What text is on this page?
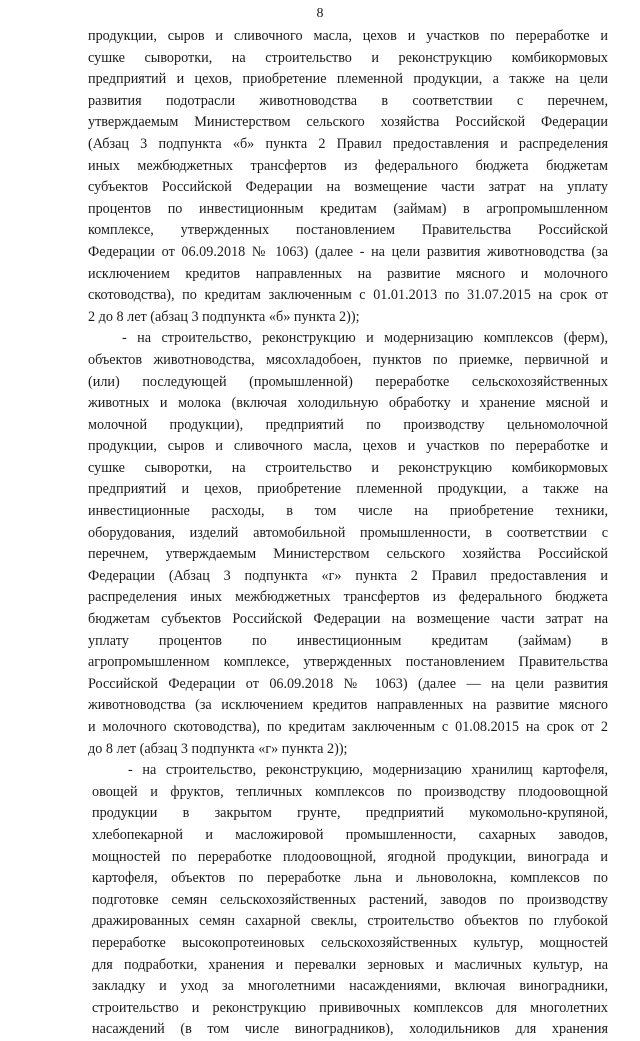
8
продукции, сыров и сливочного масла, цехов и участков по переработке и
сушке сыворотки, на строительство и реконструкцию комбикормовых
предприятий и цехов, приобретение племенной продукции, а также на цели
развития подотрасли животноводства в соответствии с перечнем,
утверждаемым Министерством сельского хозяйства Российской Федерации
(Абзац 3 подпункта «б» пункта 2 Правил предоставления и распределения
иных межбюджетных трансфертов из федерального бюджета бюджетам
субъектов Российской Федерации на возмещение части затрат на уплату
процентов по инвестиционным кредитам (займам) в агропромышленном
комплексе, утвержденных постановлением Правительства Российской
Федерации от 06.09.2018 № 1063) (далее - на цели развития животноводства (за
исключением кредитов направленных на развитие мясного и молочного
скотоводства), по кредитам заключенным с 01.01.2013 по 31.07.2015 на срок от
2 до 8 лет (абзац 3 подпункта «б» пункта 2));
- на строительство, реконструкцию и модернизацию комплексов (ферм),
объектов животноводства, мясохладобоен, пунктов по приемке, первичной и
(или) последующей (промышленной) переработке сельскохозяйственных
животных и молока (включая холодильную обработку и хранение мясной и
молочной продукции), предприятий по производству цельномолочной
продукции, сыров и сливочного масла, цехов и участков по переработке и
сушке сыворотки, на строительство и реконструкцию комбикормовых
предприятий и цехов, приобретение племенной продукции, а также на
инвестиционные расходы, в том числе на приобретение техники,
оборудования, изделий автомобильной промышленности, в соответствии с
перечнем, утверждаемым Министерством сельского хозяйства Российской
Федерации (Абзац 3 подпункта «г» пункта 2 Правил предоставления и
распределения иных межбюджетных трансфертов из федерального бюджета
бюджетам субъектов Российской Федерации на возмещение части затрат на
уплату процентов по инвестиционным кредитам (займам) в
агропромышленном комплексе, утвержденных постановлением Правительства
Российской Федерации от 06.09.2018 № 1063) (далее — на цели развития
животноводства (за исключением кредитов направленных на развитие мясного
и молочного скотоводства), по кредитам заключенным с 01.08.2015 на срок от 2
до 8 лет (абзац 3 подпункта «г» пункта 2));
- на строительство, реконструкцию, модернизацию хранилищ картофеля,
овощей и фруктов, тепличных комплексов по производству плодоовощной
продукции в закрытом грунте, предприятий мукомольно-крупяной,
хлебопекарной и масложировой промышленности, сахарных заводов,
мощностей по переработке плодоовощной, ягодной продукции, винограда и
картофеля, объектов по переработке льна и льноволокна, комплексов по
подготовке семян сельскохозяйственных растений, заводов по производству
дражированных семян сахарной свеклы, строительство объектов по глубокой
переработке высокопротеиновых сельскохозяйственных культур, мощностей
для подработки, хранения и перевалки зерновых и масличных культур, на
закладку и уход за многолетними насаждениями, включая виноградники,
строительство и реконструкцию прививочных комплексов для многолетних
насаждений (в том числе виноградников), холодильников для хранения
